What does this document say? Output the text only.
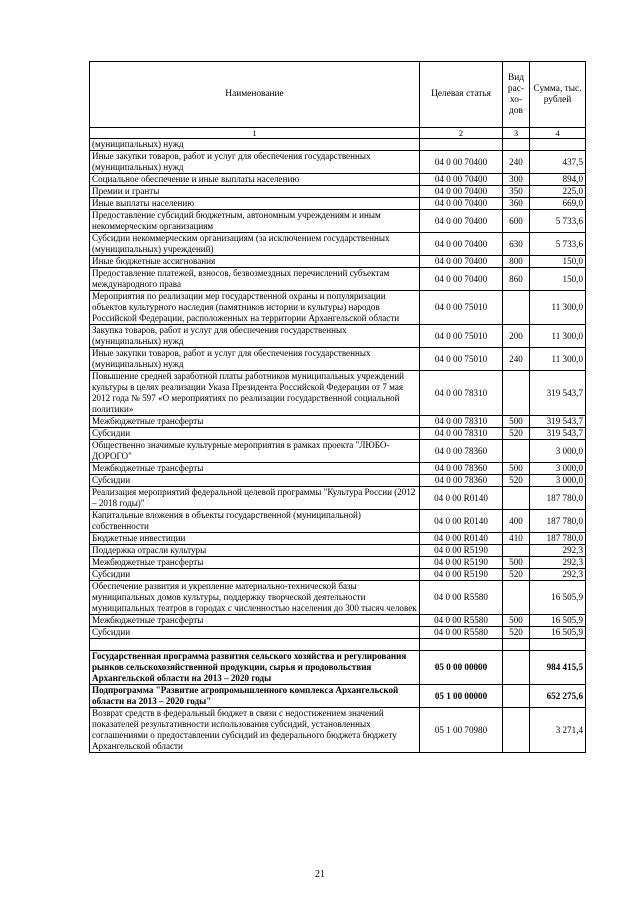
Наименование	Целевая статья	Вид рас-хо-дов	Сумма, тыс. рублей
1	2	3	4
(муниципальных) нужд			
Иные закупки товаров, работ и услуг для обеспечения государственных (муниципальных) нужд	04 0 00 70400	240	437,5
Социальное обеспечение и иные выплаты населению	04 0 00 70400	300	894,0
Премии и гранты	04 0 00 70400	350	225,0
Иные выплаты населению	04 0 00 70400	360	669,0
Предоставление субсидий бюджетным, автономным учреждениям и иным некоммерческим организациям	04 0 00 70400	600	5 733,6
Субсидии некоммерческим организациям (за исключением государственных (муниципальных) учреждений)	04 0 00 70400	630	5 733,6
Иные бюджетные ассигнования	04 0 00 70400	800	150,0
Предоставление платежей, взносов, безвозмездных перечислений субъектам международного права	04 0 00 70400	860	150,0
Мероприятия по реализации мер государственной охраны и популяризации объектов культурного наследия (памятников истории и культуры) народов Российской Федерации, расположенных на территории Архангельской области	04 0 00 75010		11 300,0
Закупка товаров, работ и услуг для обеспечения государственных (муниципальных) нужд	04 0 00 75010	200	11 300,0
Иные закупки товаров, работ и услуг для обеспечения государственных (муниципальных) нужд	04 0 00 75010	240	11 300,0
Повышение средней заработной платы работников муниципальных учреждений культуры в целях реализации Указа Президента Российской Федерации от 7 мая 2012 года № 597 «О мероприятиях по реализации государственной социальной политики»	04 0 00 78310		319 543,7
Межбюджетные трансферты	04 0 00 78310	500	319 543,7
Субсидии	04 0 00 78310	520	319 543,7
Общественно значимые культурные мероприятия в рамках проекта "ЛЮБО-ДОРОГО"	04 0 00 78360		3 000,0
Межбюджетные трансферты	04 0 00 78360	500	3 000,0
Субсидии	04 0 00 78360	520	3 000,0
Реализация мероприятий федеральной целевой программы "Культура России (2012 – 2018 годы)"	04 0 00 R0140		187 780,0
Капитальные вложения в объекты государственной (муниципальной) собственности	04 0 00 R0140	400	187 780,0
Бюджетные инвестиции	04 0 00 R0140	410	187 780,0
Поддержка отрасли культуры	04 0 00 R5190		292,3
Межбюджетные трансферты	04 0 00 R5190	500	292,3
Субсидии	04 0 00 R5190	520	292,3
Обеспечение развития и укрепление материально-технической базы муниципальных домов культуры, поддержку творческой деятельности муниципальных театров в городах с численностью населения до 300 тысяч человек	04 0 00 R5580		16 505,9
Межбюджетные трансферты	04 0 00 R5580	500	16 505,9
Субсидии	04 0 00 R5580	520	16 505,9

Государственная программа развития сельского хозяйства и регулирования рынков сельскохозяйственной продукции, сырья и продовольствия Архангельской области на 2013 – 2020 годы	05 0 00 00000		984 415,5
Подпрограмма "Развитие агропромышленного комплекса Архангельской области на 2013 – 2020 годы"	05 1 00 00000		652 275,6
Возврат средств в федеральный бюджет в связи с недостижением значений показателей результативности использования субсидий, установленных соглашениями о предоставлении субсидий из федерального бюджета бюджету Архангельской области	05 1 00 70980		3 271,4
21
